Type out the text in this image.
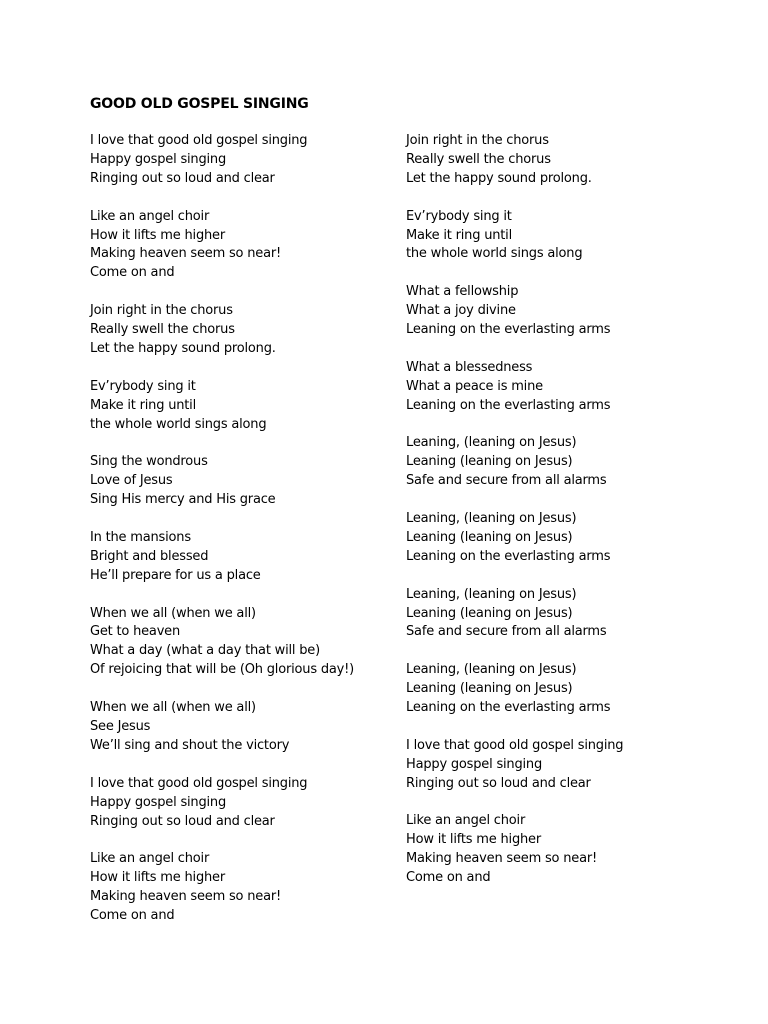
GOOD OLD GOSPEL SINGING
I love that good old gospel singing
Happy gospel singing
Ringing out so loud and clear
Like an angel choir
How it lifts me higher
Making heaven seem so near!
Come on and
Join right in the chorus
Really swell the chorus
Let the happy sound prolong.
Ev’rybody sing it
Make it ring until
the whole world sings along
Sing the wondrous
Love of Jesus
Sing His mercy and His grace
In the mansions
Bright and blessed
He’ll prepare for us a place
When we all (when we all)
Get to heaven
What a day (what a day that will be)
Of rejoicing that will be (Oh glorious day!)
When we all (when we all)
See Jesus
We’ll sing and shout the victory
I love that good old gospel singing
Happy gospel singing
Ringing out so loud and clear
Like an angel choir
How it lifts me higher
Making heaven seem so near!
Come on and
Join right in the chorus
Really swell the chorus
Let the happy sound prolong.
Ev’rybody sing it
Make it ring until
the whole world sings along
What a fellowship
What a joy divine
Leaning on the everlasting arms
What a blessedness
What a peace is mine
Leaning on the everlasting arms
Leaning, (leaning on Jesus)
Leaning (leaning on Jesus)
Safe and secure from all alarms
Leaning, (leaning on Jesus)
Leaning (leaning on Jesus)
Leaning on the everlasting arms
Leaning, (leaning on Jesus)
Leaning (leaning on Jesus)
Safe and secure from all alarms
Leaning, (leaning on Jesus)
Leaning (leaning on Jesus)
Leaning on the everlasting arms
I love that good old gospel singing
Happy gospel singing
Ringing out so loud and clear
Like an angel choir
How it lifts me higher
Making heaven seem so near!
Come on and
